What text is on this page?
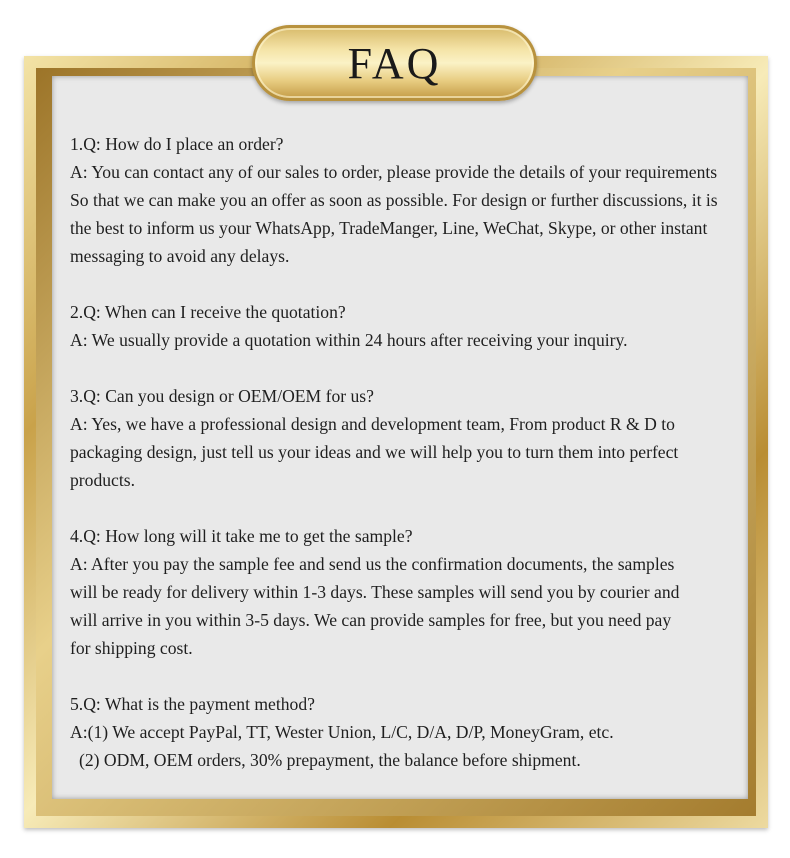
FAQ

1.Q: How do I place an order?

A: You can contact any of our sales to order, please provide the details of your requirements

So that we can make you an offer as soon as possible. For design or further discussions, it is

the best to inform us your WhatsApp, TradeManger, Line, WeChat, Skype, or other instant

messaging to avoid any delays.

2.Q: When can I receive the quotation?

A: We usually provide a quotation within 24 hours after receiving your inquiry.

3.Q: Can you design or OEM/OEM for us?

A: Yes, we have a professional design and development team, From product R & D to

packaging design, just tell us your ideas and we will help you to turn them into perfect

products.

4.Q: How long will it take me to get the sample?

A: After you pay the sample fee and send us the confirmation documents, the samples

will be ready for delivery within 1-3 days. These samples will send you by courier and

will arrive in you within 3-5 days. We can provide samples for free, but you need pay

for shipping cost.

5.Q: What is the payment method?

A:(1) We accept PayPal, TT, Wester Union, L/C, D/A, D/P, MoneyGram, etc.

(2) ODM, OEM orders, 30% prepayment, the balance before shipment.
